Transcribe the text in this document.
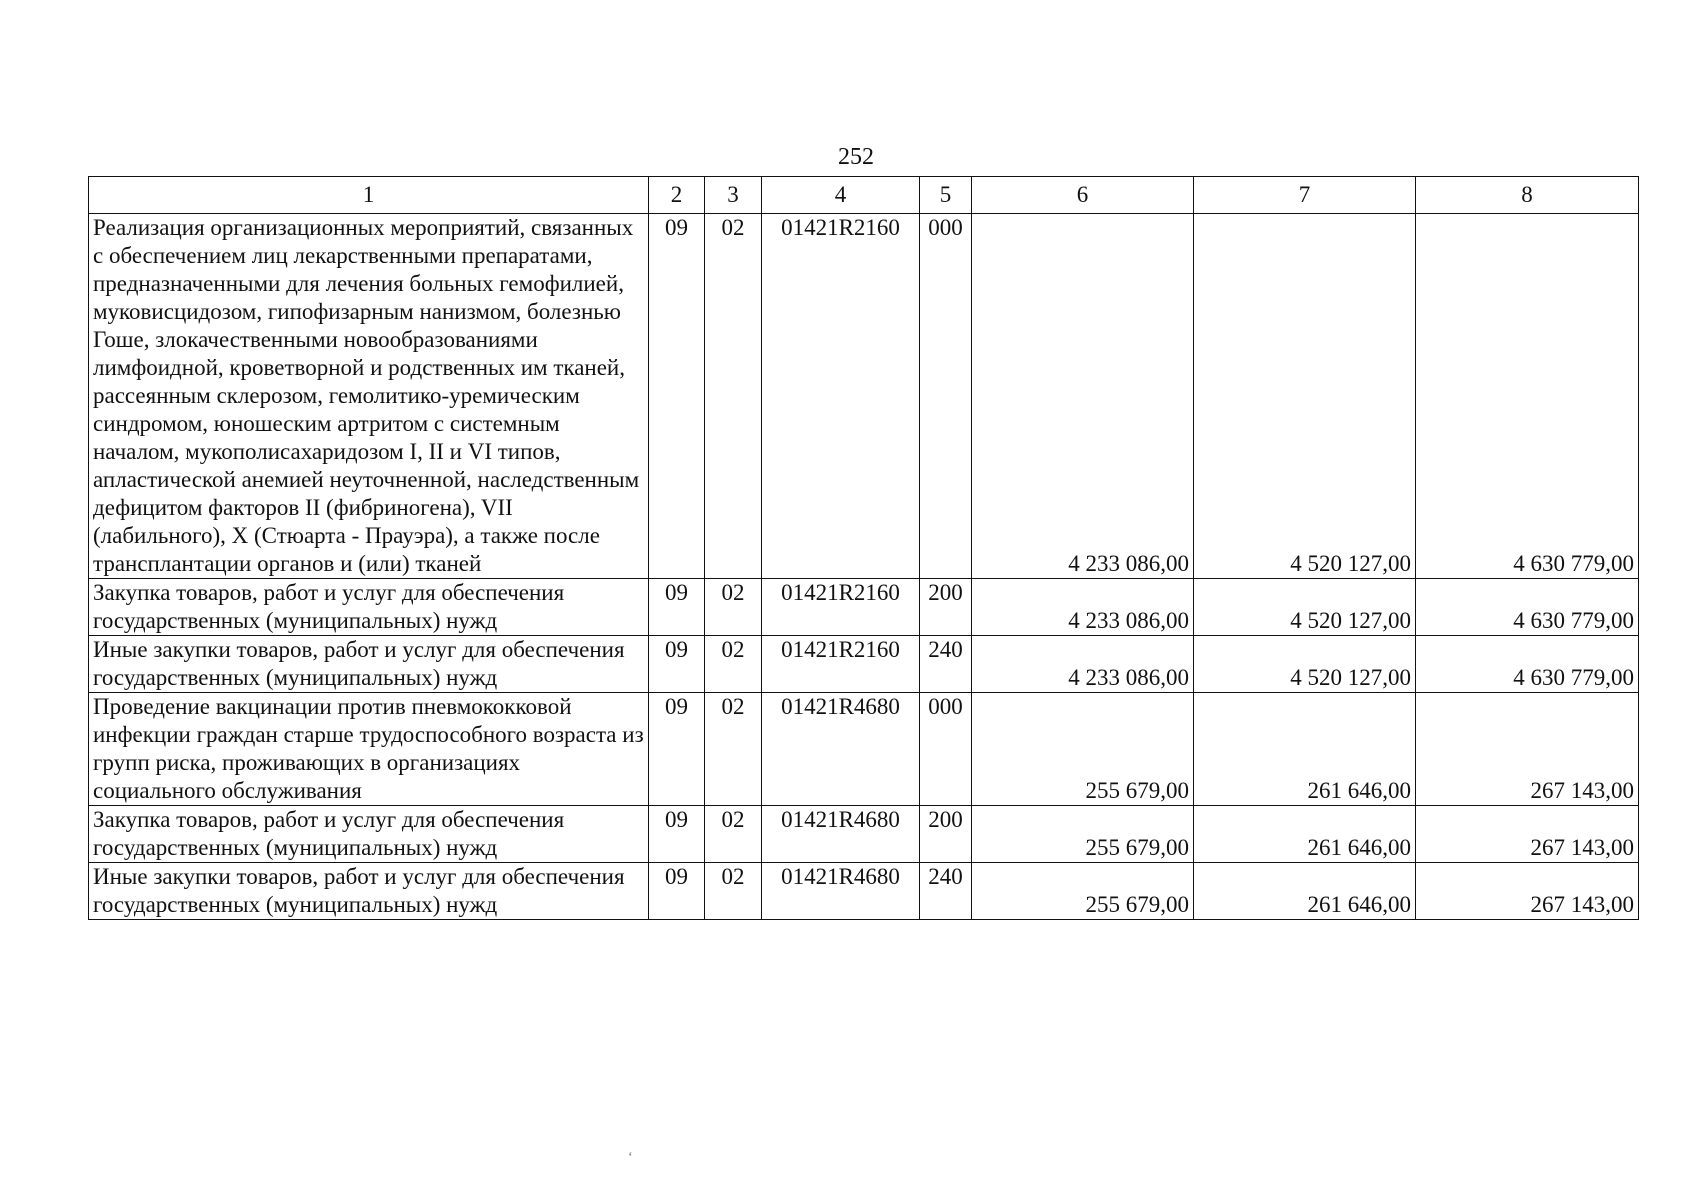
252
1	2	3	4	5	6	7	8
Реализация организационных мероприятий, связанных с обеспечением лиц лекарственными препаратами, предназначенными для лечения больных гемофилией, муковисцидозом, гипофизарным нанизмом, болезнью Гоше, злокачественными новообразованиями лимфоидной, кроветворной и родственных им тканей, рассеянным склерозом, гемолитико-уремическим синдромом, юношеским артритом с системным началом, мукополисахаридозом I, II и VI типов, апластической анемией неуточненной, наследственным дефицитом факторов II (фибриногена), VII (лабильного), X (Стюарта - Прауэра), а также после трансплантации органов и (или) тканей	09	02	01421R2160	000	4 233 086,00	4 520 127,00	4 630 779,00
Закупка товаров, работ и услуг для обеспечения государственных (муниципальных) нужд	09	02	01421R2160	200	4 233 086,00	4 520 127,00	4 630 779,00
Иные закупки товаров, работ и услуг для обеспечения государственных (муниципальных) нужд	09	02	01421R2160	240	4 233 086,00	4 520 127,00	4 630 779,00
Проведение вакцинации против пневмококковой инфекции граждан старше трудоспособного возраста из групп риска, проживающих в организациях социального обслуживания	09	02	01421R4680	000	255 679,00	261 646,00	267 143,00
Закупка товаров, работ и услуг для обеспечения государственных (муниципальных) нужд	09	02	01421R4680	200	255 679,00	261 646,00	267 143,00
Иные закупки товаров, работ и услуг для обеспечения государственных (муниципальных) нужд	09	02	01421R4680	240	255 679,00	261 646,00	267 143,00
‘
